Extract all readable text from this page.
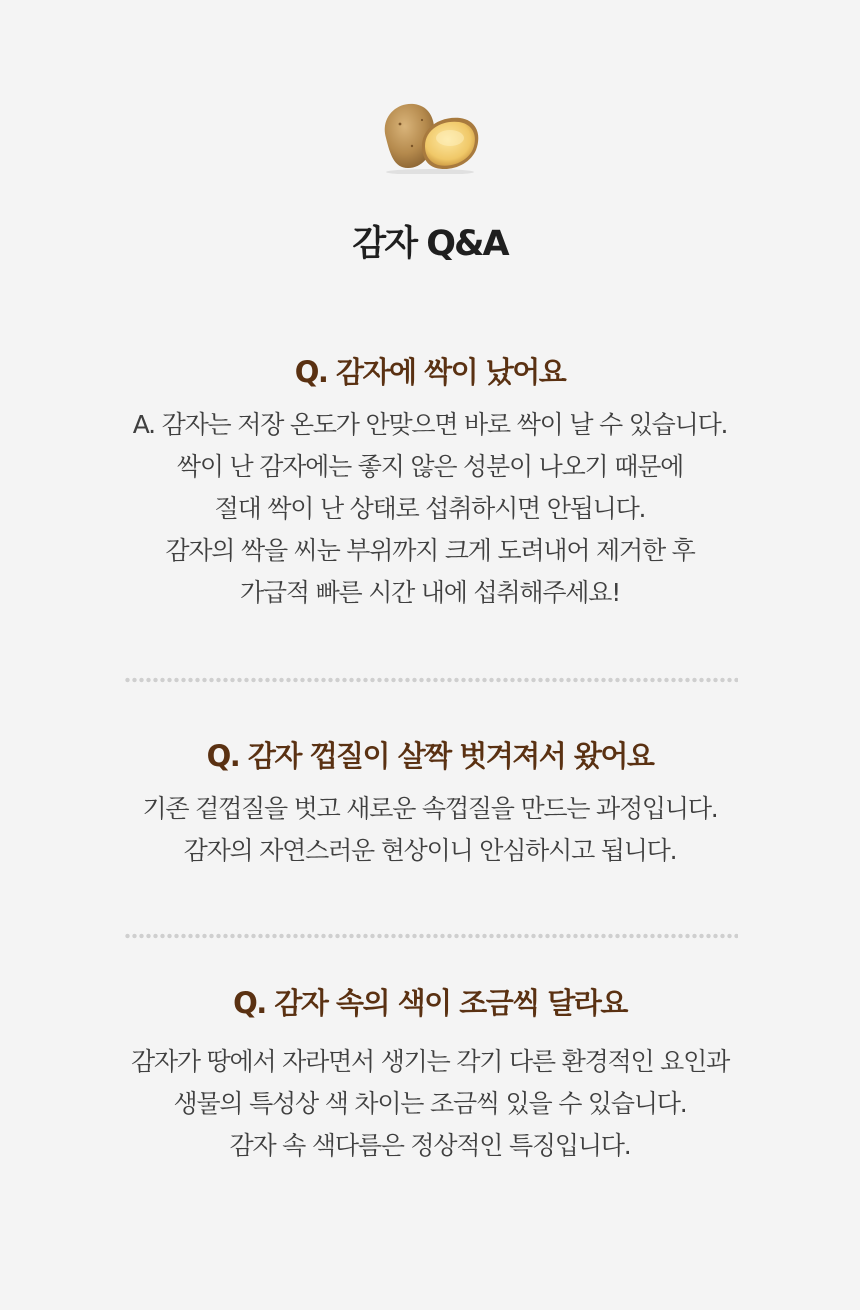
감자 Q&A
Q. 감자에 싹이 났어요
A. 감자는 저장 온도가 안맞으면 바로 싹이 날 수 있습니다.
싹이 난 감자에는 좋지 않은 성분이 나오기 때문에
절대 싹이 난 상태로 섭취하시면 안됩니다.
감자의 싹을 씨눈 부위까지 크게 도려내어 제거한 후
가급적 빠른 시간 내에 섭취해주세요!
Q. 감자 껍질이 살짝 벗겨져서 왔어요
기존 겉껍질을 벗고 새로운 속껍질을 만드는 과정입니다.
감자의 자연스러운 현상이니 안심하시고 됩니다.
Q. 감자 속의 색이 조금씩 달라요
감자가 땅에서 자라면서 생기는 각기 다른 환경적인 요인과
생물의 특성상 색 차이는 조금씩 있을 수 있습니다.
감자 속 색다름은 정상적인 특징입니다.
